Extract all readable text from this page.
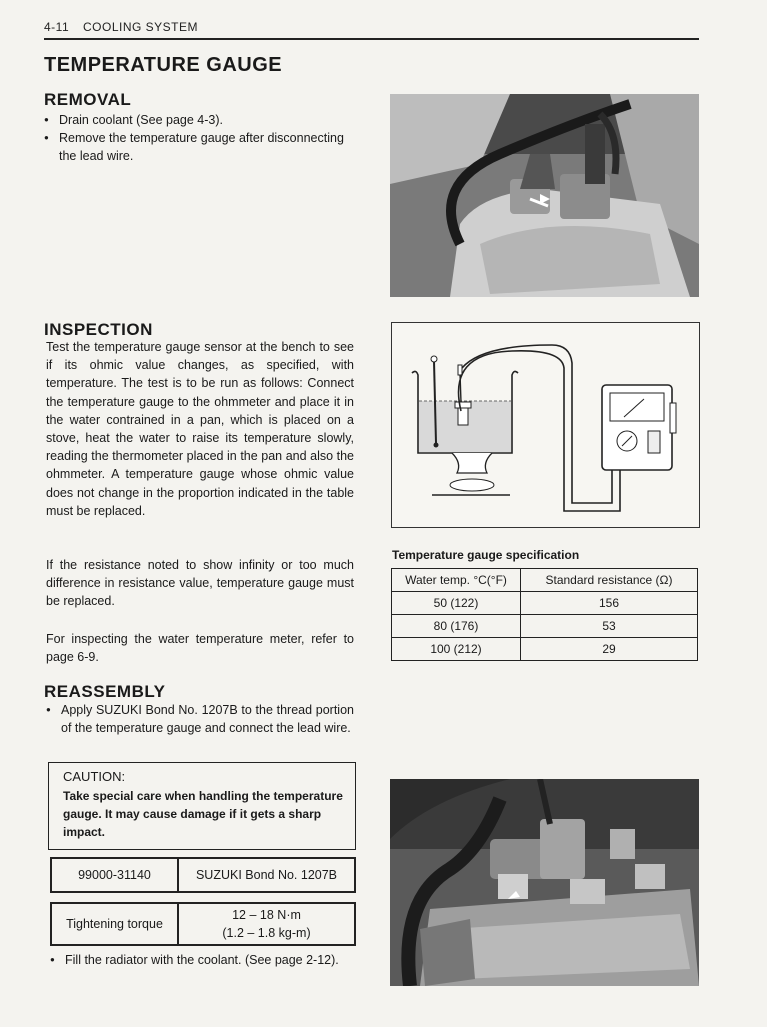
4-11 COOLING SYSTEM
TEMPERATURE GAUGE
REMOVAL
● Drain coolant (See page 4-3).
● Remove the temperature gauge after disconnecting the lead wire.
INSPECTION
Test the temperature gauge sensor at the bench to see if its ohmic value changes, as specified, with temperature. The test is to be run as follows: Connect the temperature gauge to the ohmmeter and place it in the water contrained in a pan, which is placed on a stove, heat the water to raise its temperature slowly, reading the thermometer placed in the pan and also the ohmmeter. A temperature gauge whose ohmic value does not change in the proportion indicated in the table must be replaced.
If the resistance noted to show infinity or too much difference in resistance value, temperature gauge must be replaced.
For inspecting the water temperature meter, refer to page 6-9.
Temperature gauge specification
Water temp. °C(°F)	Standard resistance (Ω)
50 (122)	156
80 (176)	53
100 (212)	29
REASSEMBLY
● Apply SUZUKI Bond No. 1207B to the thread portion of the temperature gauge and connect the lead wire.
CAUTION:
Take special care when handling the temperature gauge. It may cause damage if it gets a sharp impact.
99000-31140	SUZUKI Bond No. 1207B
Tightening torque	12 – 18 N·m
(1.2 – 1.8 kg-m)
● Fill the radiator with the coolant. (See page 2-12).
